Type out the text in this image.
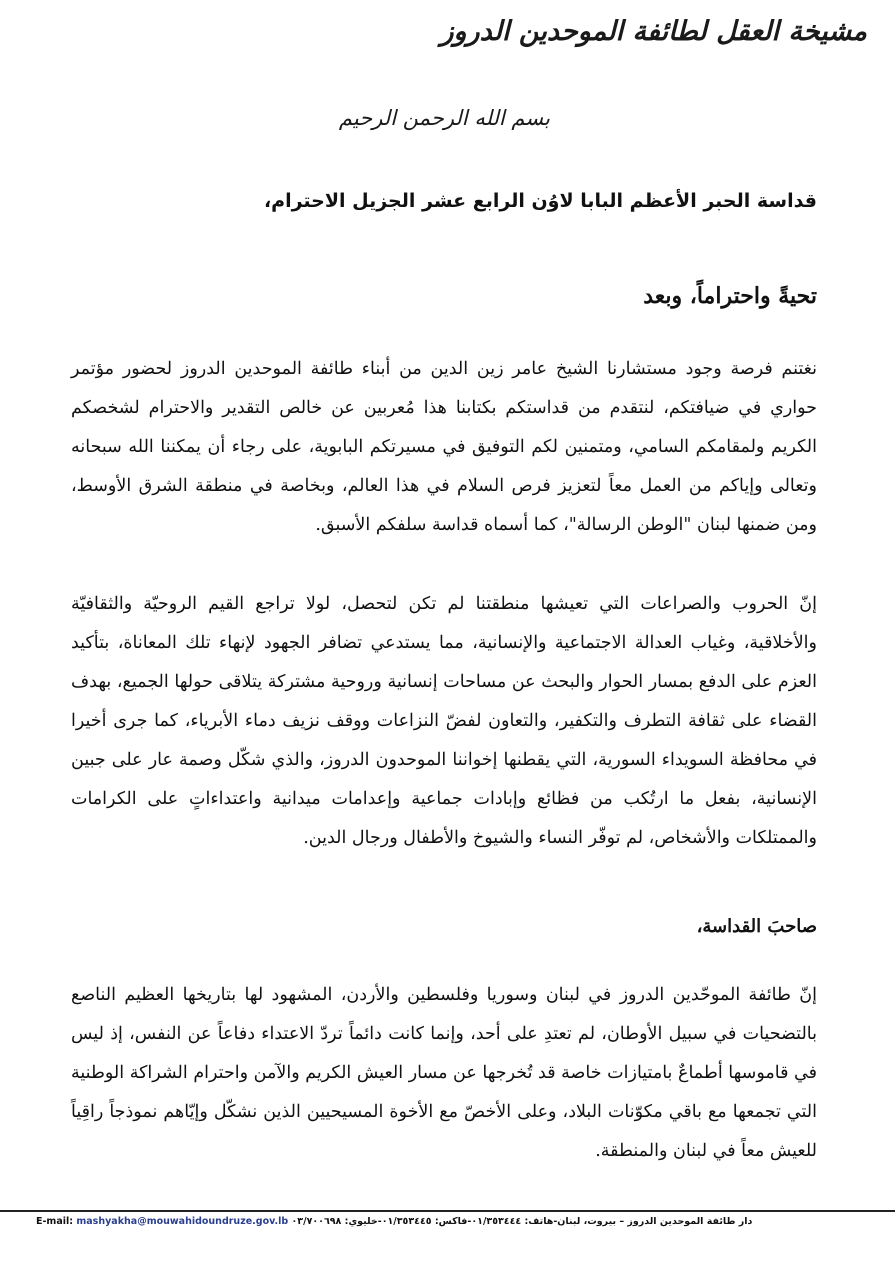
مشيخة العقل لطائفة الموحدين الدروز
بسم الله الرحمن الرحيم
قداسة الحبر الأعظم البابا لاوُن الرابع عشر الجزيل الاحترام،
تحيةً واحتراماً، وبعد
نغتنم فرصة وجود مستشارنا الشيخ عامر زين الدين من أبناء طائفة الموحدين الدروز لحضور مؤتمر حواري في ضيافتكم، لنتقدم من قداستكم بكتابنا هذا مُعربين عن خالص التقدير والاحترام لشخصكم الكريم ولمقامكم السامي، ومتمنين لكم التوفيق في مسيرتكم البابوية، على رجاء أن يمكننا الله سبحانه وتعالى وإياكم من العمل معاً لتعزيز فرص السلام في هذا العالم، وبخاصة في منطقة الشرق الأوسط، ومن ضمنها لبنان "الوطن الرسالة"، كما أسماه قداسة سلفكم الأسبق.
إنّ الحروب والصراعات التي تعيشها منطقتنا لم تكن لتحصل، لولا تراجع القيم الروحيّة والثقافيّة والأخلاقية، وغياب العدالة الاجتماعية والإنسانية، مما يستدعي تضافر الجهود لإنهاء تلك المعاناة، بتأكيد العزم على الدفع بمسار الحوار والبحث عن مساحات إنسانية وروحية مشتركة يتلاقى حولها الجميع، بهدف القضاء على ثقافة التطرف والتكفير، والتعاون لفضّ النزاعات ووقف نزيف دماء الأبرياء، كما جرى أخيرا في محافظة السويداء السورية، التي يقطنها إخواننا الموحدون الدروز، والذي شكّل وصمة عار على جبين الإنسانية، بفعل ما ارتُكب من فظائع وإبادات جماعية وإعدامات ميدانية واعتداءاتٍ على الكرامات والممتلكات والأشخاص، لم توفّر النساء والشيوخ والأطفال ورجال الدين.
صاحبَ القداسة،
إنّ طائفة الموحّدين الدروز في لبنان وسوريا وفلسطين والأردن، المشهود لها بتاريخها العظيم الناصع بالتضحيات في سبيل الأوطان، لم تعتدِ على أحد، وإنما كانت دائماً تردّ الاعتداء دفاعاً عن النفس، إذ ليس في قاموسها أطماعٌ بامتيازات خاصة قد تُخرجها عن مسار العيش الكريم والآمن واحترام الشراكة الوطنية التي تجمعها مع باقي مكوّنات البلاد، وعلى الأخصّ مع الأخوة المسيحيين الذين نشكّل وإيّاهم نموذجاً راقِياً للعيش معاً في لبنان والمنطقة.
E-mail: mashyakha@mouwahidoundruze.gov.lb دار طائفة الموحدين الدروز – بيروت، لبنان-هاتف: ٠١/٣٥٣٤٤٤-فاكس: ٠١/٣٥٣٤٤٥-خليوي: ٠٣/٧٠٠٦٩٨
